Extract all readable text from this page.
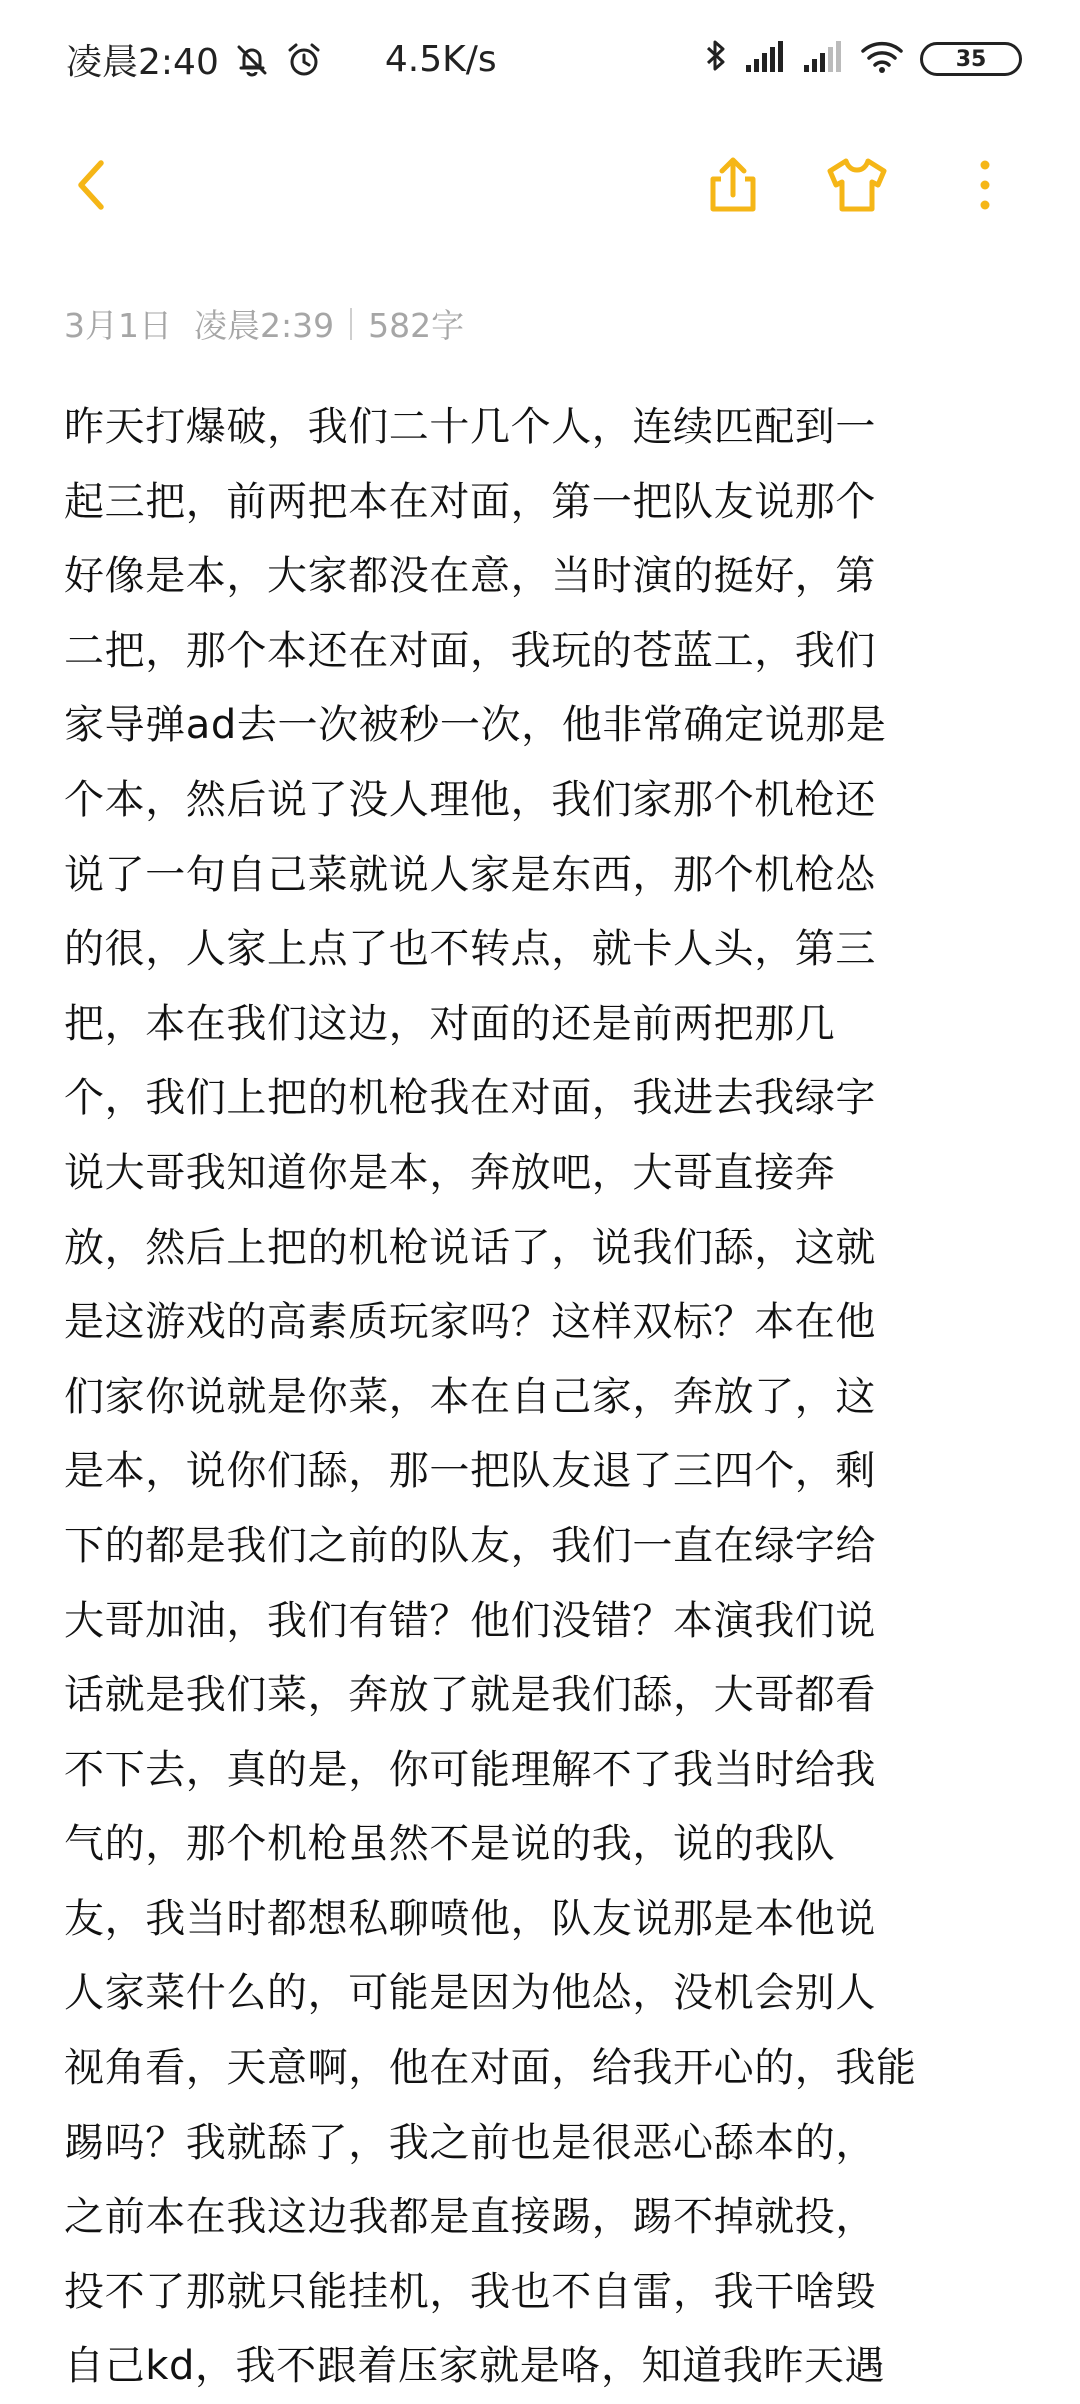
凌晨2:40	4.5K/s	35
3月1日 凌晨2:39 582字
昨天打爆破，我们二十几个人，连续匹配到一
起三把，前两把本在对面，第一把队友说那个
好像是本，大家都没在意，当时演的挺好，第
二把，那个本还在对面，我玩的苍蓝工，我们
家导弹ad去一次被秒一次，他非常确定说那是
个本，然后说了没人理他，我们家那个机枪还
说了一句自己菜就说人家是东西，那个机枪怂
的很，人家上点了也不转点，就卡人头，第三
把，本在我们这边，对面的还是前两把那几
个，我们上把的机枪我在对面，我进去我绿字
说大哥我知道你是本，奔放吧，大哥直接奔
放，然后上把的机枪说话了，说我们舔，这就
是这游戏的高素质玩家吗？这样双标？本在他
们家你说就是你菜，本在自己家，奔放了，这
是本，说你们舔，那一把队友退了三四个，剩
下的都是我们之前的队友，我们一直在绿字给
大哥加油，我们有错？他们没错？本演我们说
话就是我们菜，奔放了就是我们舔，大哥都看
不下去，真的是，你可能理解不了我当时给我
气的，那个机枪虽然不是说的我，说的我队
友，我当时都想私聊喷他，队友说那是本他说
人家菜什么的，可能是因为他怂，没机会别人
视角看，天意啊，他在对面，给我开心的，我能
踢吗？我就舔了，我之前也是很恶心舔本的，
之前本在我这边我都是直接踢，踢不掉就投，
投不了那就只能挂机，我也不自雷，我干啥毁
自己kd，我不跟着压家就是咯，知道我昨天遇
